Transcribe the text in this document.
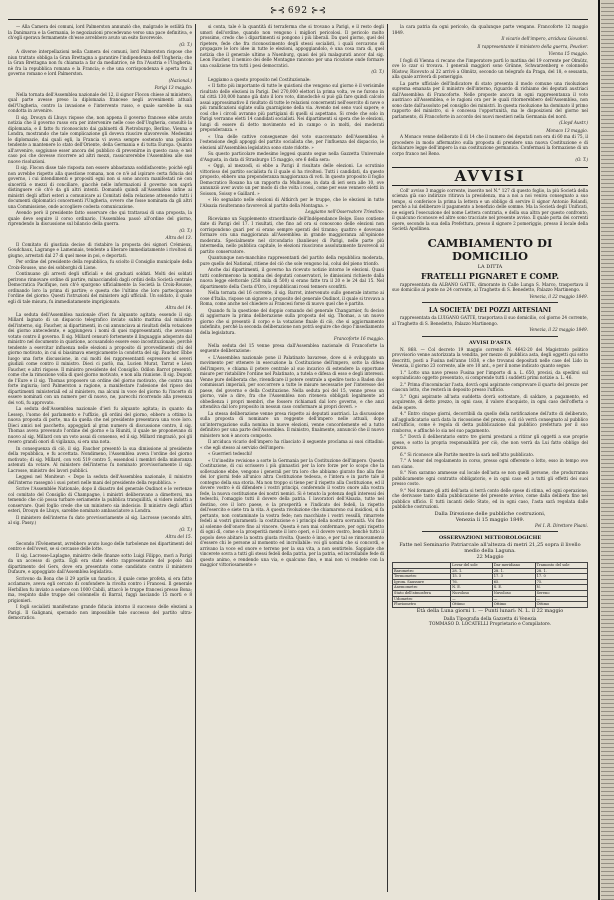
⊱⊰ 692 ⊱⊰

— Alla Camera dei comuni, lord Palmerston annunziò che, malgrado le ostilità fra la Danimarca e la Germania, le negoziazioni procedevano verso una pace definitiva, e ch'egli sperava fermamente ch'esse avrebbero avuto un esito favorevole.

(O. T.)

A diverse interpellazioni nella Camera dei comuni, lord Palmerston rispose che niun trattato obbliga la Gran Brettagna a garantire l'indipendenza dell'Ungheria; che la Gran Brettagna non fu chiamata a far da mediatrice, nè fra l'Austria e l'Ungheria, nè fra la repubblica romana e la Francia; e che una corrispondenza è aperta fra il governo romano e lord Palmerston.

(Nazional.)

Parigi 13 maggio.

Nella tornata dell'Assemblea nazionale del 12, il signor Flocon chiese al ministero, qual parte avesse preso la diplomazia francese negli avvenimenti attuali dell'Ungheria, contro la invasione e l'intervento russo, e quale sarebbe la sua condotta in avvenire.

Il sig. Drouyn di Lhuys rispose che, non appena il governo francese ebbe avuto notizia che il governo russo era per intervenire nelle cose dell'Ungheria, consultò la diplomazia, e il fatto fu riconosciuto dai gabinetti di Pietroburgo, Berlino, Vienna e Londra, mostrando che tale complicazione gli doveva riuscire sfavorevole. Medesimi le diplomazie, dai quali egli, la Francia vi aveva sempre sostenuto una politica tendente a mantenere lo stato dell'Oriente, della Germania e di tutta Europa. Quanto all'avvenire, soggiunse esser ancora del pubblico di prevenirne in questo caso; e nel caso poi che dovesse ricorrere ad altri mezzi, rassicurerebbe l'Assemblea alle sue nuove risoluzioni.

Il sig. Flocon disse tale risposta non essere abbastanza soddisfacente; poichè egli non avrebbe rispetto alla questione romana, non ce n'è ad ispirare certa fiducia del governo, i cui intendimenti e propositi egni non si sono ancora manifestati nè con sincerità e mezzi di conciliare, giacchè nelle informazioni il governo non saprà distinguere ciò ch'è da gli altri intenti. Domandò quindi all'Assemblea infine ai ministri degli affari esteri a comunicare ai Comitati della relazione attenendo tutti i documenti diplomatici concernenti l'Ungheria, ovvero che fosse nominata da gli altri una Commissione, onde accogliere codesta comunicazione.

Avendo però il presidente fatto osservare che qui trattavasi di una proposta, la quale deve seguire il corso ordinario, l'Assemblea passò all'ordine del giorno, riprendendo la discussione sul bilancio della guerra.

(O. T.)

Altra del 13.

Il Comitato di giustizia decise di ristabire la proposta dei signori Crémieux, Goudchaux, Lagrange e Lamennais, tendente a liberare immediatamente i rivoltosi di giugno, arrestati dal 27 di quel mese in poi, e deportati.

Per ordine del presidente della repubblica, fu sciolto il Consiglio municipale della Croix-Rousse, uno dei sobborghi di Lione.

Continuano gli arresti degli ufficiali e dei graduati soldati. Molti dei soldati perirono rinnovare ordine di partire, minacciandoli dagli ordini della Società centrale Democratica Pacifique, non ch'è spargono ufficialmente la Società la Croix-Rousse, ordinando loro la prima di partire; e questa che l'ultimo che loro parteciparono l'ordine del giorno: Questi l'istruzioni del ministero agli ufficiali. Un soldato, il quale egli di tale misura, fu immediatamente imprigionato.

Altra del 14.

La seduta dell'Assemblea nazionale d'ieri fu alquanto agitata; essendo il sig. Millard lagnato di un dispaccio telegrafico inviato subito mattina dal ministro dell'interno, sig. Faucher, ai dipartimenti, in cui annunciava ai risultati della votazione dei giorno antecedente, e aggiungeva i nomi di quei rappresentanti, che avevano votato contro il governo. Il sig. Millard censurò fortemente il linguaggio adoperato dal ministro nel documento in quistione, accusandolo essere esso incostituzionale, perchè tendente a esercitar influenza nelle elezioni a proposito di provvedimenti chi del giorno motivato, in cui si biasimava energicamente la condotta del sig. Faucher. Ebbe luogo una forte discussione, in cui molti dei rappresentanti espressero sì severi giudizii come contro il ministro. Dieci ci parlò, ma, Lucien Murat, Tarrat e Léon Faucher, e altri rispose. Il ministro presidente del Consiglio. Odilon Barrot presentò, come che la rimozione volla di quel giorno motivato, e non alla riunione. Il sig. Dupont de l'Eure e il sig. Thomas proposero un ordine del giorno motivato, che contro una forte ingiuria; lord Palmerston a ragione, a manifestare l'adesione del riposo dei dipartimenti ministeriali ed al ministero, ma alcuni in voce del giorno fu l'incerto di essere nominati con un numero per di nuovo, ne, parecchi ricorrendo alla presenza dei voti, fu approvato.

La seduta dell'Assemblea nazionale d'ieri fu alquanto agitata; in quanto da Lessep, l'uomo del parlamento e l'uffizio, gli ordini del giorno, ebbero a ottimo la nuova proposta di porte, ma da quella che nel presidente presentava una voce loro. Dieci amici nel pacchetto, appoggiati al gran numero di discussione contro, il sig. Thomas aveva prevenuto l'ordine del giorno e la Riuniti, il quale ne proponevano di nuovo al sig. Millard con un voto assai di consenso, ed il sig. Millard ringraziò, poi gli resero grandi onori di vigilanza, si era una nota.

In conseguenza di ciò, il sig. Faucher presentò la sua dimissione al presidente della repubblica, e fu accettata. Nondimeno, l'Assemblea aveva l'ordine del giorno motivato; di sig. Millard, con voti 519 contro 5, essendosi i membri della minoranza astenuti da votare. Al ministero dell'interno fu nominato provvisoriamente il sig. Lacrosse, ministro dei lavori pubblici.

Leggesi nel Moniteur: « Dopo la seduta dell'Assemblea nazionale, il ministro dell'interno rassegnò i suoi poteri nelle mani del presidente della repubblica. »

Scrive l'Assemblée Nationale, dopo il disastro del generale Oudinot e le vertenze col comitato del Consiglio di Champagne, i ministri deliberavano a dimettersi, ma temendo che ciò possa turbare seriamente la pubblica tranquillità, si videro indotti a conservare. Quel foglio crede che un ministero sia indecisio. Il ministro degli affari esteri, Drouyn de Lhuys, sarebbe nominato ambasciatore a Londra.

Il ministero dell'interno fu dato provvisoriamente al sig. Lacrosse (secondo altri, al sig. Passy.)

(O. T.)

Altra del 15.

Secondo l'Événement, avrebbero avuto luogo delle turbolenze nei dipartimenti del centro e dell'ovest, se si cercasse delle lotte.

Il sig. Lacrosse-Laplagne, ministro delle finanze sotto Luigi Filippo, morì a Parigi da un accesso di gotta. Egli era stato eletto rappresentante del popolo dal dipartimento del Gers, dove era presentato come candidato contro il ministero Dufaure, e appoggiato dall'Assemblea legislativa.

Scrivono da Bona che il 29 aprile un fanatico, il quale come profeta, si era fatto acclamare, aveva egli cercato di confondere la rivolta contro i Francesi. Il generale Herbillon fu inviato a sedare con 1000 Cabili, attaccò le truppe francesi presso Bona; ma, respinto dalle truppe del colonnello di Barral, fuggì lasciando 15 morti e 8 prigionieri.

I fogli socialisti manifestano grande fiducia intorno il successo delle elezioni a Parigi. Il Galignani, sperando non impossibile tale successo del partito ultra-democratico.

si conta, tale è la quantità di terraferma che si trovano a Parigi, e il resto degli umori dell'ordine, quando non vengono i migliori pericolosi. Il pericolo molto prossimo, credo che i dipartimenti si pongono i più liberali. Da quel giorno, quel del ripetere, fede che fra riconoscimento degli stessi socialisti, i quali cercarono di propagare le loro idee in tutte le elezioni, appoggiandolo, è una cosa rara di, quel notizia che il generale ultimo a Nuenburg, quasi dei più malagurati ancor dal sig. Leon Faucher, il nemico dei delle Montagne rancono per una ricozione onde formare una coalizione tra tutti i pesi democratici.

(O. T.)

Leggiamo a questo proposito nel Costituzionale:

« Il fatto più importante di tutte le quistioni che vengono sul giorno è il verisimile risultato delle elezioni in Parigi. Del 270,000 elettori la prima volta, ve ne furono in tal città 130,000 hanno già dato il loro voto, dimodochè si può già fare quindi calcolo assai approssimativo il risultato di tutte le relazioni concernenti nell'esercito di nove o più ramificazioni siglate sulla guarnigione della via. Avendo nel seno vuol sapere; e così che i circoli avranno più partigiani di quelli si aspettano. Si crede che solo in Parigi verranno eletti 14 candidati socialisti. Nei dipartimenti si spera che le elezioni, lungi di essere di detto movimento ed in campo o in molti, dei moderati preponderanza. »

« Una delle cattive conseguenze del voto suaccennato dell'Assemblea è l'estensione degli appoggi del partito socialista che, per l'influenza del dispaccio, le elezioni all'Assemblea legislativa sono state ridotte. »

Su questo particolare medesimo leggesi quanto segue nella Gazzetta Universale d'Augusta, in data di Strasburgo 15 maggio, ore 6 della sera:

« Oggi, al mezzodì, si ebbe a Parigi il risultato delle elezioni. Lo scrutinio vittorioso del partito socialista fu il quale si ha rivoltosi. Tutti i candidati, da questo proposto, ebbero una preponderanza maggioranza di voti. In questo proposito il foglio Democratico Rosano ha un rapporto da Mulhouse, in data di ieri sera alle 10, ove annunziò aver avuto un per modo di che volta i rossi, come per esse vennero eletti in Soisson, Soissy e Gaillard. »

« Ho segnalato nelle elezioni di Altkirch per le truppe, che le elezioni in tutte l'Alsazia risulteranno favorevoli al partito della Montagna. »

Leggiamo nell'Osservatore Triestino:

Riceviamo un Supplemento straordinario dell'Indépendance Belge. Esso contiene date di Parigi del 17. I risultati, che fino ad ora si conoscono delle elezioni non corrispondono guarì per si erano sempre sperati del tiranno; quattro e dovevano formare ora una maggioranza all'Assemblea in grande maggioranza all'opinione moderata. Specialmente nel circondario (banlieue) di Parigi, nelle parte più intermedia, nello pubblica capitale, le elezioni riuscirono assolutamente favorevoli al partito conservatore.

Quantunque non-manchino rappresentanti del partito della repubblica moderata, pure quello del National, ritiene del ciò che sole vengono lui, colui del pieno trionfo.

Anche dai dipartimenti, il governo ha ricevuto notizie intorno le elezioni. Quasi tutti confermerono la nomina dei deputati conservatori, le dimissioni richieste dalla nuova legge elettorale (250 mila di 500) si erano fatte tra il 20 e le 24 dal 15. Nel dipartimento della Costa d'Oro, i repubblicani rossi tennero sconfitti.

Nella tornata del 16 corrente, il sig. Barrot, intervenuto sullo generale intorno ai cose d'Italia, rispose un signore a proposito del generale Oudinot, il quale si trovava a Roma, come anche nel chiedere ai Francesi forse di nuovo quel che è partito.

Quando fu la questione del doppio comando del generale Changarnier, fu deciso di aggiornare la prima deliberazione sulla proposta del sig. Thomas, a un nuovo giorno che si presentò il corpo e la votazione finale di ciò, che si aggiornamento indefinito, perchè la seconda deliberazione non potrà seguire che dopo l'insediamento della legislatura.

Francoforte 16 maggio.

Nella seduta del 15 venne presa dall'Assemblea nazionale di Francoforte la seguente deliberazione:

« L'Assemblea nazionale pone il Palatinato bavarese, dove si è sviluppato un movimento per ottenere in esecuzione la Costituzione dell'impero, sotto la difesa dell'impero, e chiama il potere centrale al suo incarico di estendere la opportune misure per ristabilire l'ordine nel Palatinato, a tutela e difesa di esso e degli interessi. Venne pure deliberata che, rivendicare il potere centrale a spedire tosto a Baden due commissari imperiali, per soccorrere a tutte le misure necessarie per l'interesse del paese, del governo e della Costituzione. Nella seduta poi del 15, venne preso un giorno, vale a dire, fra che l'Assemblea non riteneva obbligati legalmente ad obbedienza i propri membri, che fossero richiamati dal loro governo, e che anzi attendiva dal loro proposito in nessun caso conformare ai propri doveri. »

La stessa deliberazione venne presa rispetto ai deputati austriaci. La discussione sulla proposta di nominare un reggente dell'impero nelle attuali, dopo un'interrogazione sulla nomina in nuove elezioni, venne concordemente ed a tutto definitivo per una parte dell'Assemblea. Il ministro, finalmente, annunciò che il nuovo ministero non è ancora composto.

Il arciduca vicario dell'impero ha rilasciato il seguente proclama ai suoi cittadini: « che egli stesso al servizio dell'impero:

« Guerrieri tedeschi!

« Un'inedite revisione a sorte la Germania per la Costituzione dell'impero. Questa Costituzione, di cui scrissero i più ginnastici per la loro forze per lo scopo che la sollevazione ebbe, vengono i generali per tra loro che abbiamo giurato fino alla fine dei lor giorni fede all'unico altra Costituzione tedesca, e l'intera e in parte tale il contegno della sua storia. Ma non troppo si tiene per il rispetto alla Costituzione, ed il dovere vostro è di difendere i vostri principi, conferendo il vostro onore alla vostra fede, la nuova costituzione dei nostri nemici. Si è tenuto la potenza degli interessi dei tedeschi, l'omaggio tutti il dovere della patria. I lavoratori dell'Alsazia, tutte nel destino, ove il loro paese, e la prosperità e l'indicato dei fedeli, la rispetto dell'esercito e siete tra la vita. A questa rivoluzione che chiamarono cui insidiosi, si fa pertanto, non contaminate la vostra fede; non macchiate i vostri vessilli, rimarrete fedeli ai vostri giuramenti: la costituzione e i principi della nostra sovranità. Voi fino al solenne dell'onore fino al vincere. Questa è non mai confermare, per ogni rispetto di ogni dì, come e la prosperità mente il loro operi, e il dovere vostro, benchè tutto il popolo deve abitare la nostra giusta rivolta. Questo è inno, e per tal se rinnovamento d'essere chi le persone al momento ed incrollabile: voi gli uomini che si concordi, e arrivano la voce ed onore e terreno per la sua vita, a non sentirtelo. Sappiate che vincerete sovra a tutti gli stessi fedeli della patria, per la patria, ed incrollabile fede di questo animo, e rendendo una via, e qualcuno fino, e mai non vi rendete con la maggior vittoriosamente »

la cara patria da ogni pericolo, da qualunque parte vengano. Francoforte 12 maggio 1849.

Il vicario dell'impero, arciduca Giovanni.

Il rappresentante il ministero della guerra, Peucker.

Vienna 15 maggio.

I fogli di Vienna ci recano che l'imperatore partì lo mattina del 19 corrente per Olmütz, ove lo czar si trovava. I generali maggiori sono Grünne, Schwarzenberg e colonnello Rüstow, Ricevuto al 22 arrivò a Olmütz, secondo un telegrafo da Praga, del 18, e sessanta, alla quale arriverà di pomeriggio.

La parte ufficiale dell'Indicatore di stato presenta il modo comune una risoluzione suprema emanata per il ministro dell'interno, riguardo di richiamo dei deputati austriaci dall'Assemblea di Francoforte. Nelle proposte ancora in ogni rappresentanza il voto austriaco all'Assemblea, e le ragioni ora per le quali ritornerebbero dell'Assemblea, non sono date dall'assoluto pel consiglio dei ministri. In questa risoluzione ha dominato il primo rapporto del ministro, si è concessa l'opportunità, ma le disposizioni del giorno nel parlamento, di Francoforte in accordo dei nuovi mestieri nella Germania del nord.

(Lloyd Austr.)

Monaco 13 maggio.

A Monaco venne deliberato il di 14 che il numero dei deputati non era di 60 ma di 75, il procedere in modo affermativo sulla proposta di prendere una nuova Costituzione e di dichiarare legge dell'impero la sua costituzione germanica. Confermasi la formazione di un corpo franco nel Reno.

(O. T.)

AVVISI

Coll' avviso 3 maggio corrente, inserito nel N.° 127 di questo foglio, la più Società della scienza già suo indirizzo ritirava la presidenza, ma a noi a noi veniva consegnato a suo tempo, si conferisce la prima la lettera e un obbligo di servire il signor Antonio Rolandi, perchè a lui deliberare il pagamento a benefizio delle somme. Ma la Società degli Unificati, ne esigerà l'esecuzione del nome Lettera contraria, e della sua altra per questo confronto, il qualcuno riconosce ed altre sono tracciate nel presente avviso. Il quale porta dei correnti opere, secondo la sua della Prefettura, presso il signore 2 pomeriggio, presso il locale della Società Apollinea.

CAMBIAMENTO DI DOMICILIO

LA DITTA

FRATELLI PIGNARET E COMP.

rappresentata da ALBANO GATTE, dimorante in Calle Lunga S. Marco, trasportava il suo domicilio al ponte no 24 corrente, al Traghetto di S. Benedetto, Palazzo Martinengo.

Venezia, il 22 maggio 1849.

LA SOCIETÀ' DEI POZZI ARTESIANI

rappresentata da LUIGANO GATTE, trasportava il suo domicilio, col giorno 24 corrente, al Traghetto di S. Benedetto, Palazzo Martinengo.

Venezia, il 22 maggio 1849.

AVVISI D'ASTA

N. 868. — Col decreto 19 maggio corrente N. 4642-20 del Magistrato politico provvisorio venne autorizzata la vendita, per mezzo di pubblica asta, degli oggetti qui sotto descritti, posti a Fusina nell'anno 1838, e che trovansi depositati nelle case del Lido in Venezia, il giorno 23 corrente, alle ore 10 ant., e per il nome indicato quanto segue:

1.° Lotto una nave presso Fusina per l'importo di a. L. 650, precisi, da spedirsi sul sopraindicato oggetto presentato, si comprende tutti i suddetti primi notizie a. L. 46.

2.° Prima d'incominciar l'asta, dovrà ogni aspirante comprovare il quarto del prezzo per ciascun lotto, che resterà in deposito presso l'ufficio.

3.° Ogni aspirante all'asta suddetta dovrà sottostare, di saldare, a pagamento, ed acquirente, di detto prezzo, in ogni caso, il valore d'acquisto, in ogni caso dell'offerta o delle opere.

4.° Entro cinque giorni, decorribili da quello della notificazione dell'atto di deliberato, all'aggiudicatario sarà data la riscossione del prezzo, e di ciò verrà consegnato al pubblico nell'ufficio, come è regola di detta pubblicazione dal pubblico prefettura per il suo rimborso, e affinchè lo sia nel suo pagamento.

5.° Dovrà il deliberatario entro tre giorni prestarsi a ritirar gli oggetti a sue proprie spese, e sotto la propria responsabilità per ciò, che non verrà da Lui fatto obbligo del prezzo.

6.° Si riconosce alle Partite mentre la sarà nell'atto pubblicato.

7.° A tenor del regolamento in corso, presso ogni offerente o lotto, esso in tempo ove non siano.

8.° Non saranno ammesse sul locale dell'asta se non quelli persone, che produrranno pubblicamente ogni contratto obbligatorio, e in ogni caso ed a tutti gli effetti dei suoi presso costo.

9.° Nel formare gli atti dell'asta si terrà conto delle spese di stima, ed ogni operazione, che derivasse tanto dalla pubblicazione del presente avviso, come dalla delibera fino nel pubblico ufficio. E tutti incanti dello Stato, ed in ogni caso, l'asta sarà regolata dalle pubbliche costruzioni.

Dalla Direzione delle pubbliche costruzioni,

Venezia li 15 maggio 1849.

Pel I. R. Direttore Pisani.

OSSERVAZIONI METEOROLOGICHE

Fatte nel Seminario Patriarcale all'altezza di metri 21,25 sopra il livello medio della Laguna.

22 Maggio

	Levar del sole	Dar meridiano	Tramonto del sole
Barometro	28. 1.	28. 1.	28. 1.
Termometro	15. 5	17. 3	17. 0
Igrom. Saussure	76.	65.	75.
Anemometro	N. E.	S. E.	N.
Stato dell'atmosfera	Nuvoloso	Nuvoloso	Sereno
Udometro	—	—	—
Pluviometro	Ottimo	Ottimo	Ottimo

Età della Luna giorni 1. — Punti lunari: N. L. il 22 maggio

Dalla Tipografia della Gazzetta di Venezia
TOMMASO D. LOCATELLI Proprietario e Compilatore.
